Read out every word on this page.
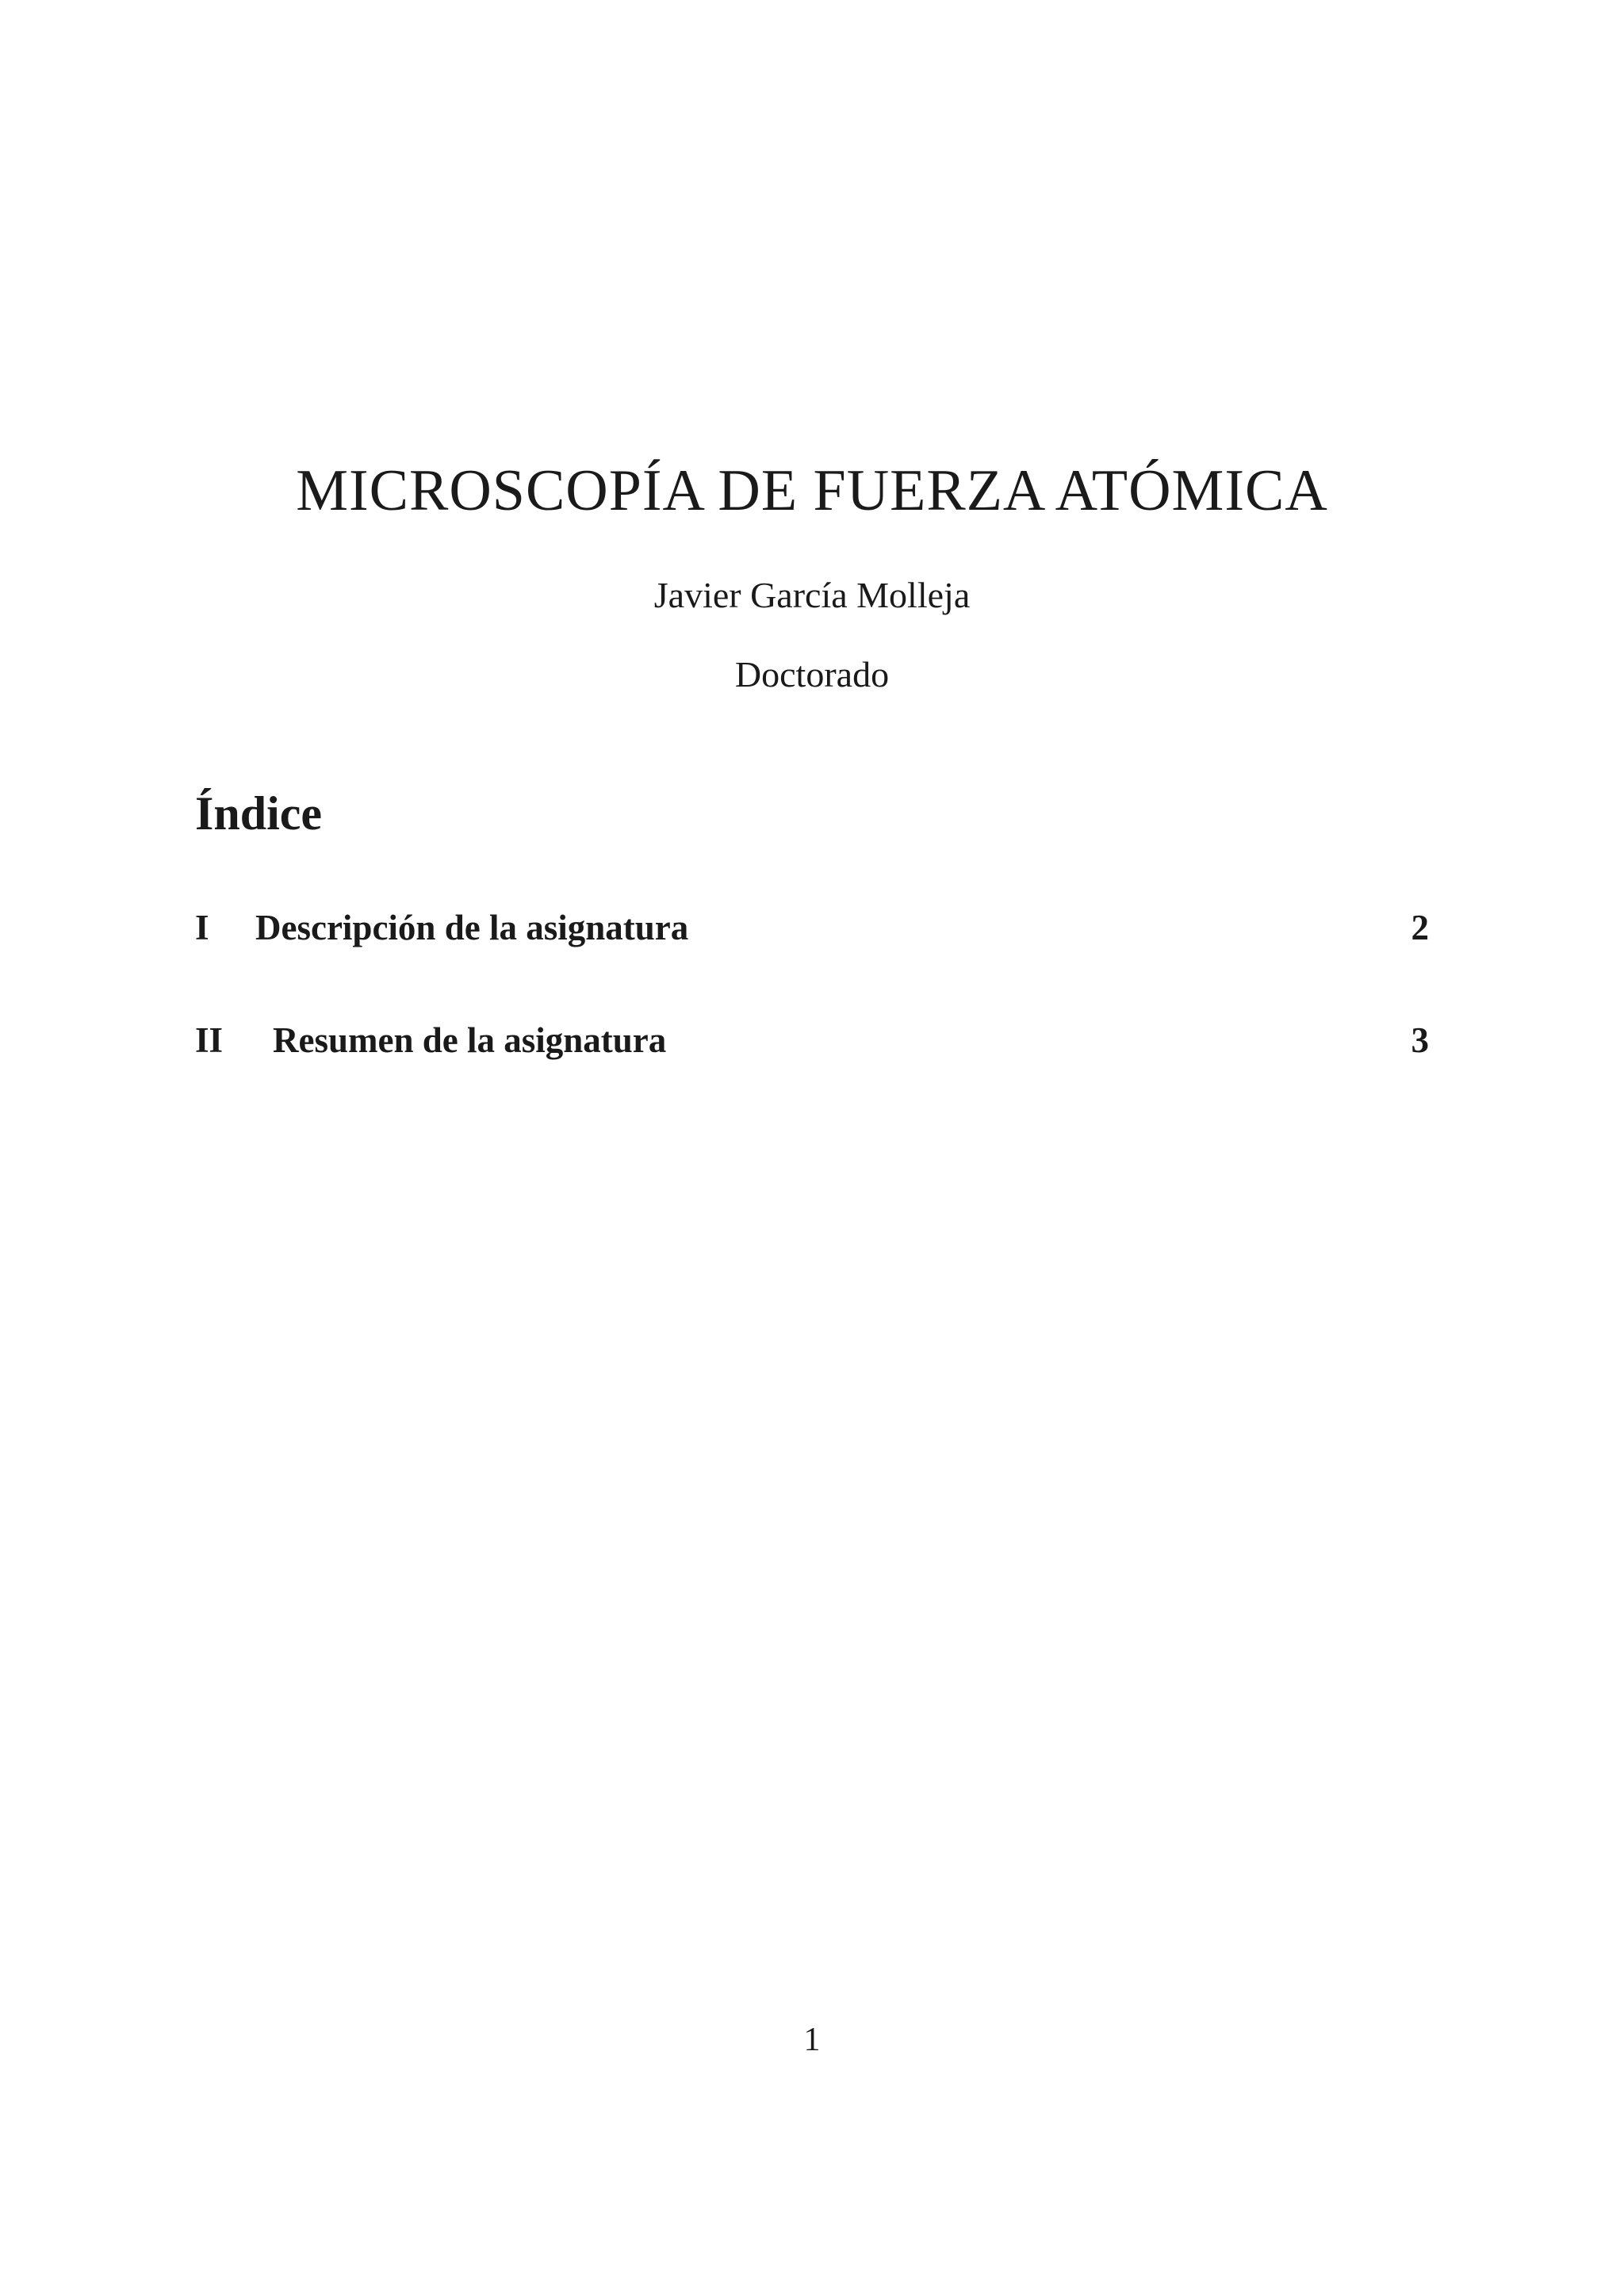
MICROSCOPÍA DE FUERZA ATÓMICA
Javier García Molleja
Doctorado
Índice
I Descripción de la asignatura	2
II Resumen de la asignatura	3
1
